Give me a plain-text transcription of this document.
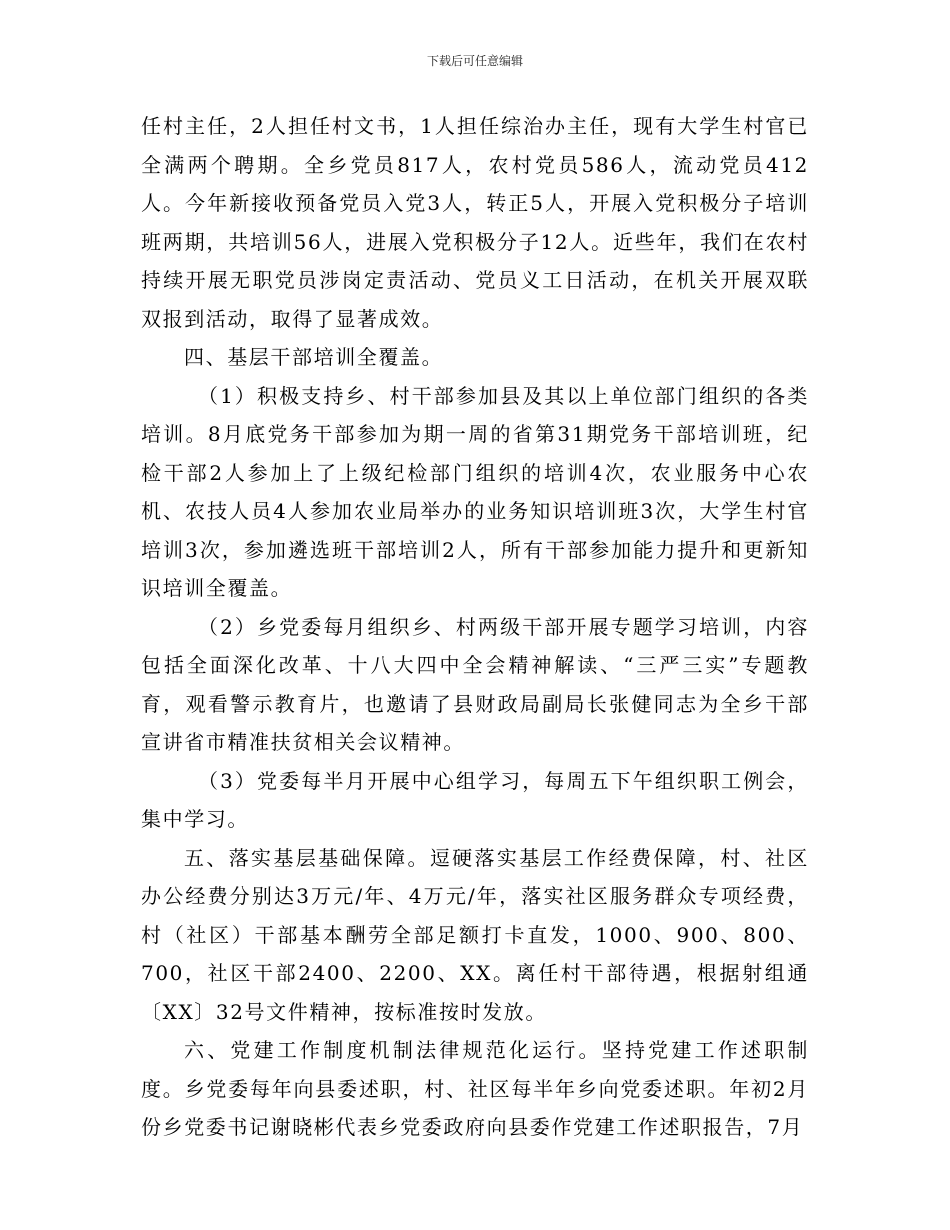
下载后可任意编辑

任村主任，2人担任村文书，1人担任综治办主任，现有大学生村官已全满两个聘期。全乡党员817人，农村党员586人，流动党员412人。今年新接收预备党员入党3人，转正5人，开展入党积极分子培训班两期，共培训56人，进展入党积极分子12人。近些年，我们在农村持续开展无职党员涉岗定责活动、党员义工日活动，在机关开展双联双报到活动，取得了显著成效。

四、基层干部培训全覆盖。

（1）积极支持乡、村干部参加县及其以上单位部门组织的各类培训。8月底党务干部参加为期一周的省第31期党务干部培训班，纪检干部2人参加上了上级纪检部门组织的培训4次，农业服务中心农机、农技人员4人参加农业局举办的业务知识培训班3次，大学生村官培训3次，参加遴选班干部培训2人，所有干部参加能力提升和更新知识培训全覆盖。

（2）乡党委每月组织乡、村两级干部开展专题学习培训，内容包括全面深化改革、十八大四中全会精神解读、“三严三实”专题教育，观看警示教育片，也邀请了县财政局副局长张健同志为全乡干部宣讲省市精准扶贫相关会议精神。

（3）党委每半月开展中心组学习，每周五下午组织职工例会，集中学习。

五、落实基层基础保障。逗硬落实基层工作经费保障，村、社区办公经费分别达3万元/年、4万元/年，落实社区服务群众专项经费，村（社区）干部基本酬劳全部足额打卡直发，1000、900、800、700，社区干部2400、2200、XX。离任村干部待遇，根据射组通〔XX〕32号文件精神，按标准按时发放。

六、党建工作制度机制法律规范化运行。坚持党建工作述职制度。乡党委每年向县委述职，村、社区每半年乡向党委述职。年初2月份乡党委书记谢晓彬代表乡党委政府向县委作党建工作述职报告，7月
